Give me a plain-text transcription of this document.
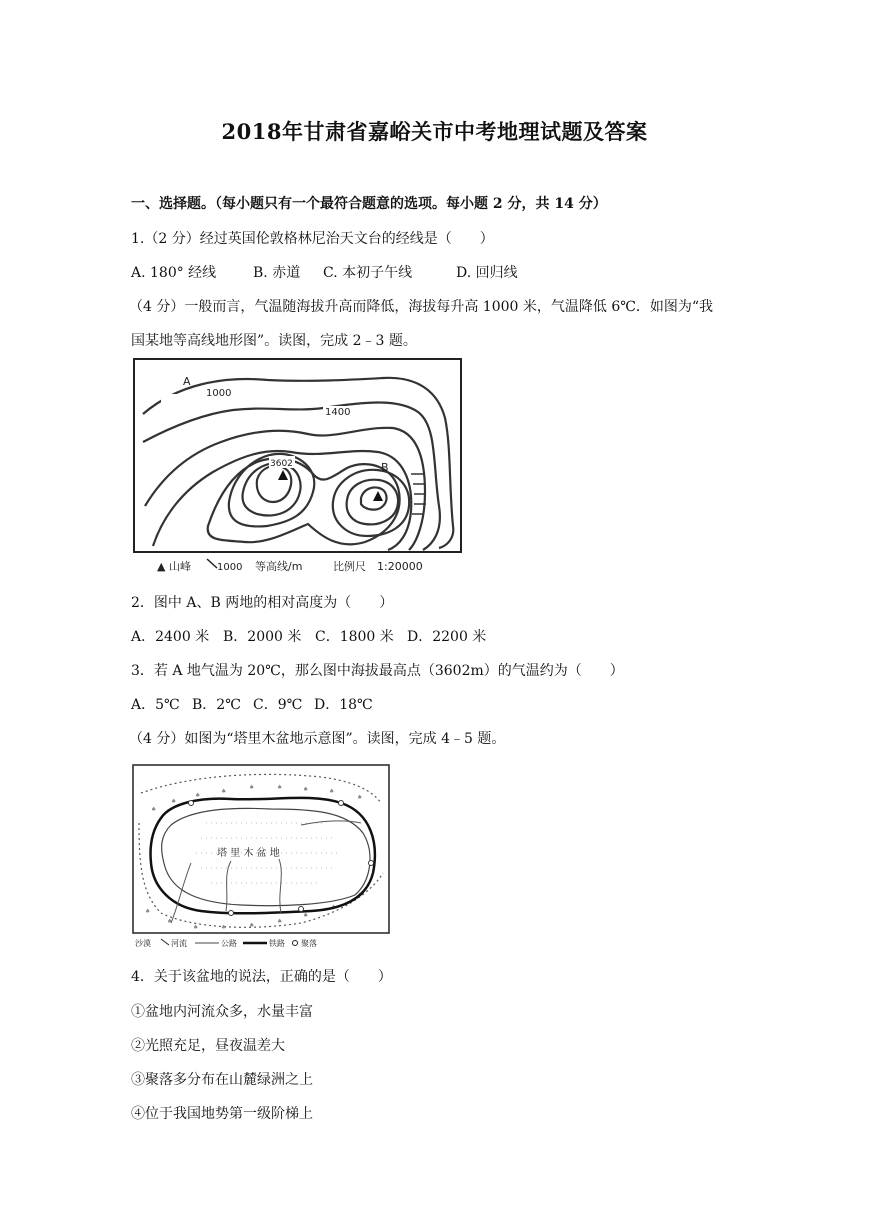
2018年甘肃省嘉峪关市中考地理试题及答案
一、选择题。（每小题只有一个最符合题意的选项。每小题 2 分，共 14 分）
1.（2 分）经过英国伦敦格林尼治天文台的经线是（　　）
A. 180° 经线	B. 赤道 C. 本初子午线	D. 回归线
（4 分）一般而言，气温随海拔升高而降低，海拔每升高 1000 米，气温降低 6℃．如图为“我
国某地等高线地形图”。读图，完成 2﹣3 题。
A
1000
1400
3602	B
▲ 山峰	1000 等高线/m	比例尺　1:20000
2．图中 A、B 两地的相对高度为（　　）
A．2400 米 B．2000 米 C．1800 米 D．2200 米
3．若 A 地气温为 20℃，那么图中海拔最高点（3602m）的气温约为（　　）
A．5℃ B．2℃ C．9℃ D．18℃
（4 分）如图为“塔里木盆地示意图”。读图，完成 4﹣5 题。
♠
♠
♠
♠
♠	♠	♠	♠
♠
♠
♠
♠	♠	♠
♠
♠
♠
♠
塔 里 木 盆 地
沙漠	河流	公路	铁路 聚落
4．关于该盆地的说法，正确的是（　　）
①盆地内河流众多，水量丰富
②光照充足，昼夜温差大
③聚落多分布在山麓绿洲之上
④位于我国地势第一级阶梯上
